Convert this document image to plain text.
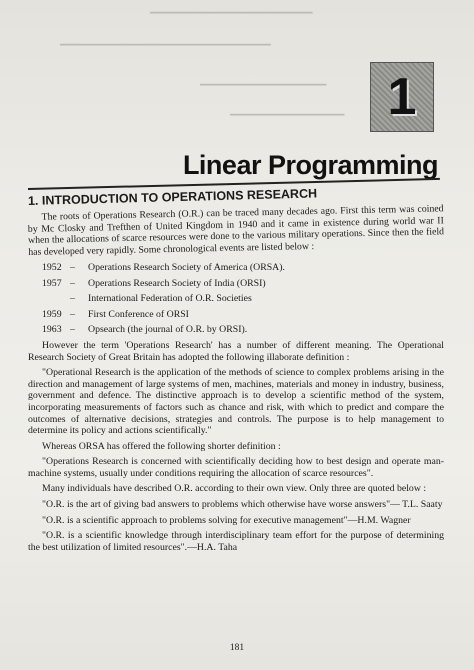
━━━━━━━━━━━━━━━━━━━━━━━━━━━
━━━━━━━━━━━━━━━━━━━━━━━━━━━━━━━━━━━
━━━━━━━━━━━━━━━━━━━━━
━━━━━━━━━━━━━━━━━━━ 1
Linear Programming
1. INTRODUCTION TO OPERATIONS RESEARCH

The roots of Operations Research (O.R.) can be traced many decades ago. First this term was coined by Mc Closky and Trefthen of United Kingdom in 1940 and it came in existence during world war II when the allocations of scarce resources were done to the various military operations. Since then the field has developed very rapidly. Some chronological events are listed below :

1952 –	Operations Research Society of America (ORSA).
1957 –	Operations Research Society of India (ORSI)
–	International Federation of O.R. Societies
1959 –	First Conference of ORSI
1963 –	Opsearch (the journal of O.R. by ORSI).

However the term 'Operations Research' has a number of different meaning. The Operational Research Society of Great Britain has adopted the following illaborate definition :

"Operational Research is the application of the methods of science to complex problems arising in the direction and management of large systems of men, machines, materials and money in industry, business, government and defence. The distinctive approach is to develop a scientific method of the system, incorporating measurements of factors such as chance and risk, with which to predict and compare the outcomes of alternative decisions, strategies and controls. The purpose is to help management to determine its policy and actions scientifically."

Whereas ORSA has offered the following shorter definition :

"Operations Research is concerned with scientifically deciding how to best design and operate man-machine systems, usually under conditions requiring the allocation of scarce resources".

Many individuals have described O.R. according to their own view. Only three are quoted below :

"O.R. is the art of giving bad answers to problems which otherwise have worse answers"— T.L. Saaty

"O.R. is a scientific approach to problems solving for executive management"—H.M. Wagner

"O.R. is a scientific knowledge through interdisciplinary team effort for the purpose of determining the best utilization of limited resources".—H.A. Taha

181
